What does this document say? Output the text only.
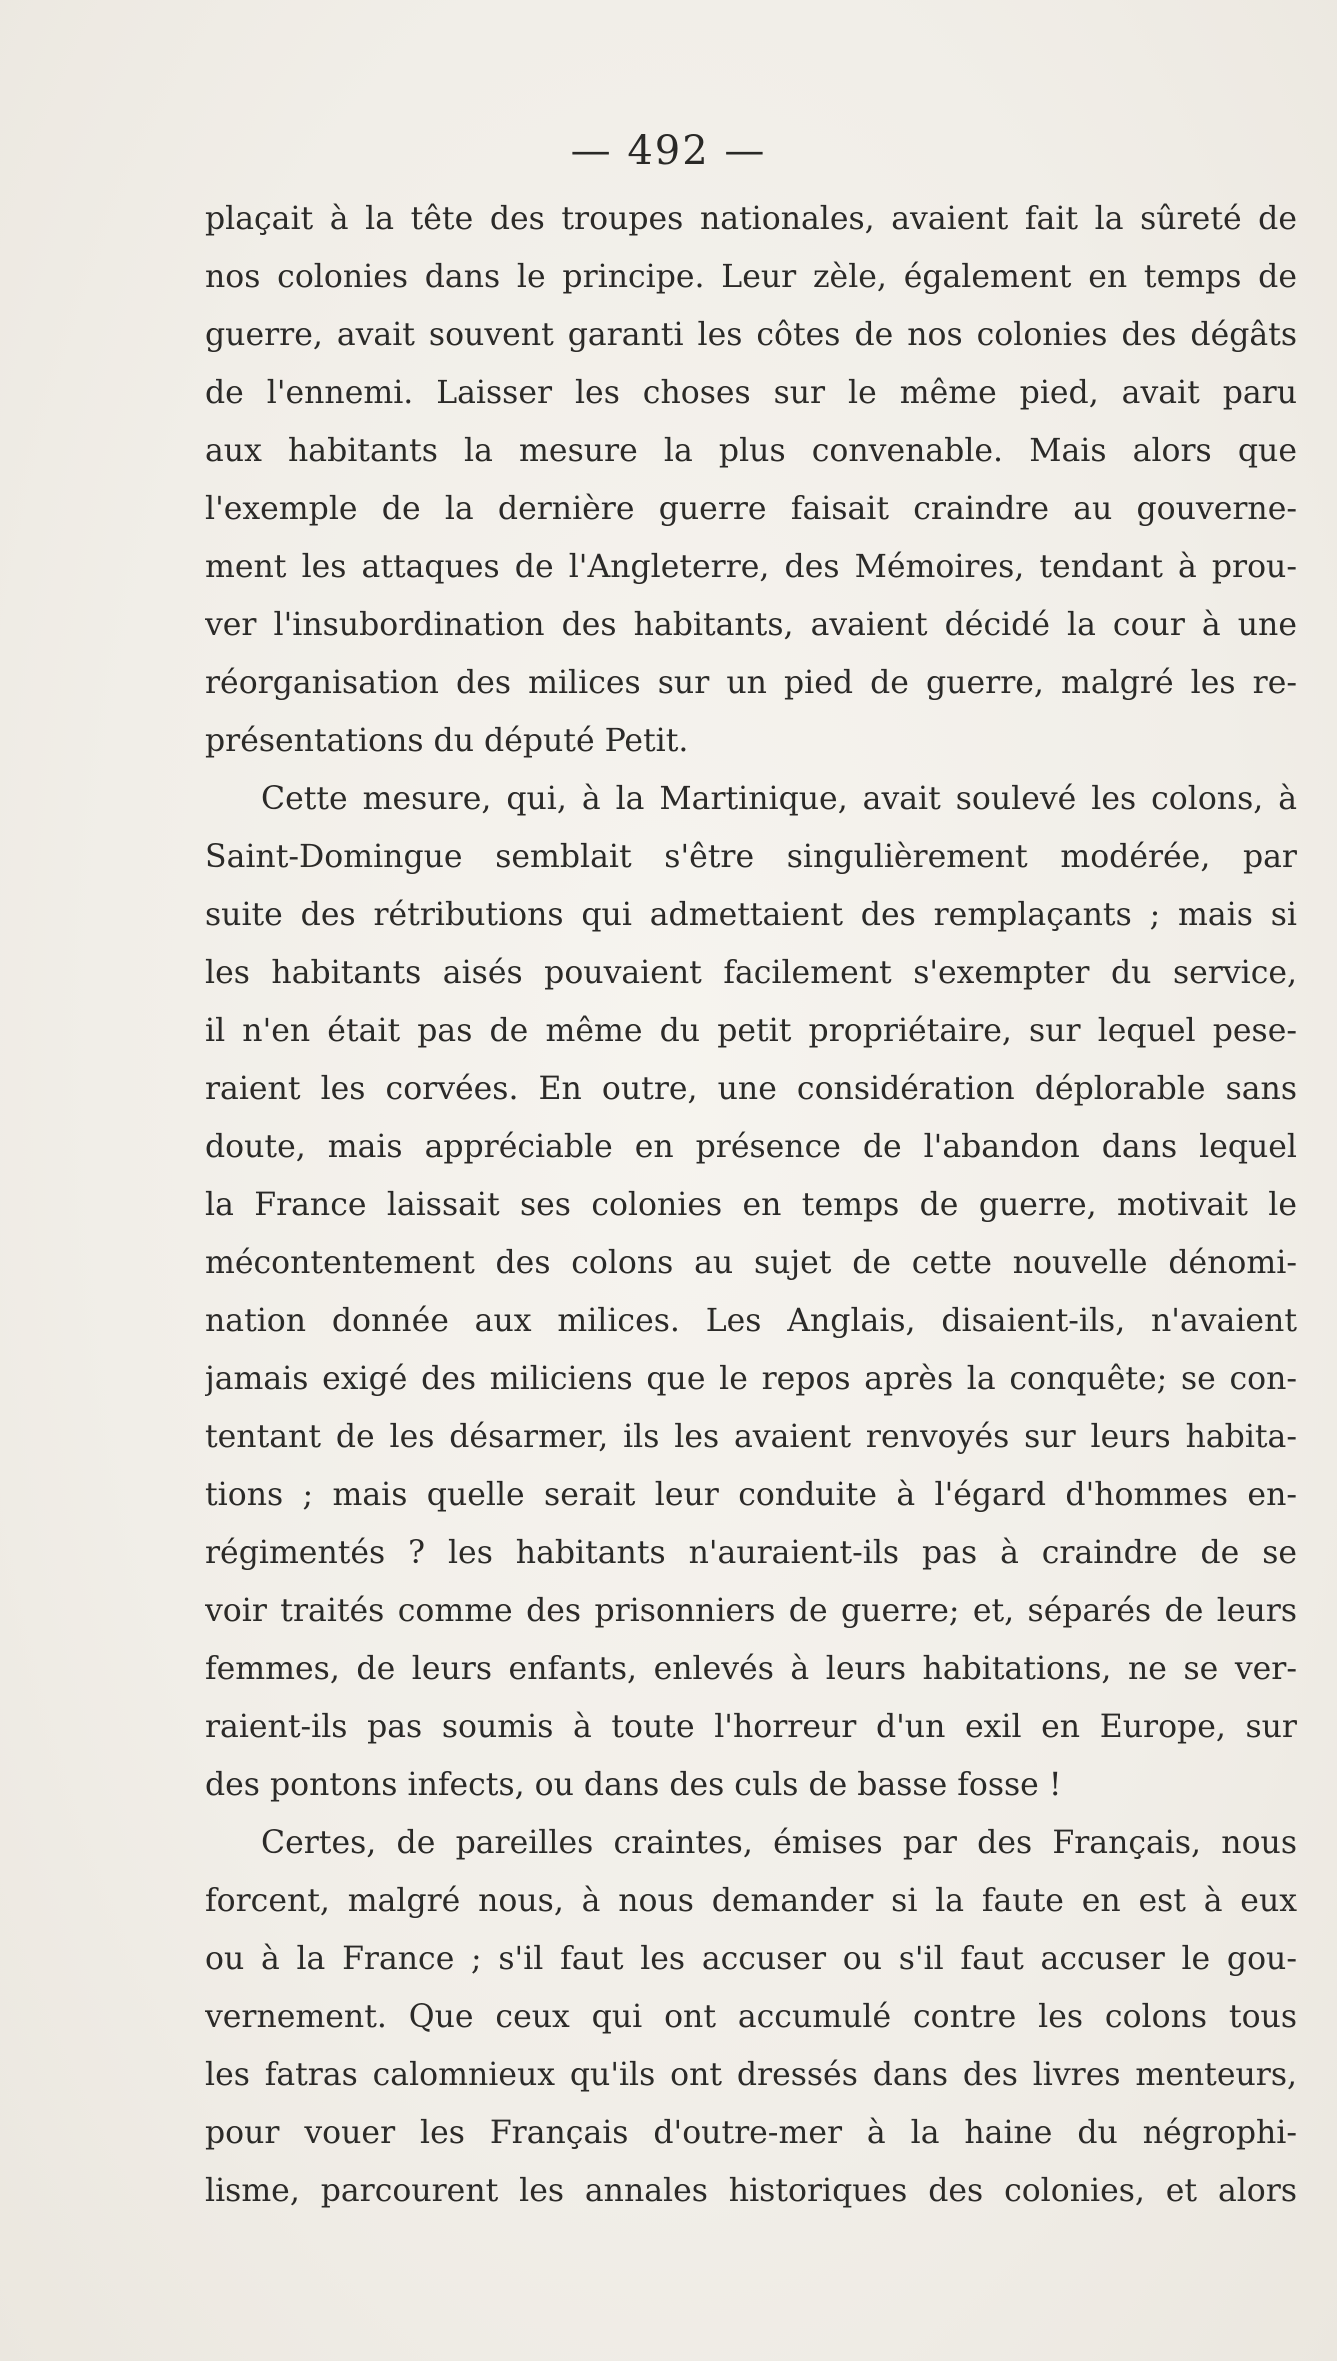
— 492 —
plaçait à la tête des troupes nationales, avaient fait la sûreté de
nos colonies dans le principe. Leur zèle, également en temps de
guerre, avait souvent garanti les côtes de nos colonies des dégâts
de l'ennemi. Laisser les choses sur le même pied, avait paru
aux habitants la mesure la plus convenable. Mais alors que
l'exemple de la dernière guerre faisait craindre au gouverne-
ment les attaques de l'Angleterre, des Mémoires, tendant à prou-
ver l'insubordination des habitants, avaient décidé la cour à une
réorganisation des milices sur un pied de guerre, malgré les re-
présentations du député Petit.
Cette mesure, qui, à la Martinique, avait soulevé les colons, à
Saint-Domingue semblait s'être singulièrement modérée, par
suite des rétributions qui admettaient des remplaçants ; mais si
les habitants aisés pouvaient facilement s'exempter du service,
il n'en était pas de même du petit propriétaire, sur lequel pese-
raient les corvées. En outre, une considération déplorable sans
doute, mais appréciable en présence de l'abandon dans lequel
la France laissait ses colonies en temps de guerre, motivait le
mécontentement des colons au sujet de cette nouvelle dénomi-
nation donnée aux milices. Les Anglais, disaient-ils, n'avaient
jamais exigé des miliciens que le repos après la conquête; se con-
tentant de les désarmer, ils les avaient renvoyés sur leurs habita-
tions ; mais quelle serait leur conduite à l'égard d'hommes en-
régimentés ? les habitants n'auraient-ils pas à craindre de se
voir traités comme des prisonniers de guerre; et, séparés de leurs
femmes, de leurs enfants, enlevés à leurs habitations, ne se ver-
raient-ils pas soumis à toute l'horreur d'un exil en Europe, sur
des pontons infects, ou dans des culs de basse fosse !
Certes, de pareilles craintes, émises par des Français, nous
forcent, malgré nous, à nous demander si la faute en est à eux
ou à la France ; s'il faut les accuser ou s'il faut accuser le gou-
vernement. Que ceux qui ont accumulé contre les colons tous
les fatras calomnieux qu'ils ont dressés dans des livres menteurs,
pour vouer les Français d'outre-mer à la haine du négrophi-
lisme, parcourent les annales historiques des colonies, et alors
